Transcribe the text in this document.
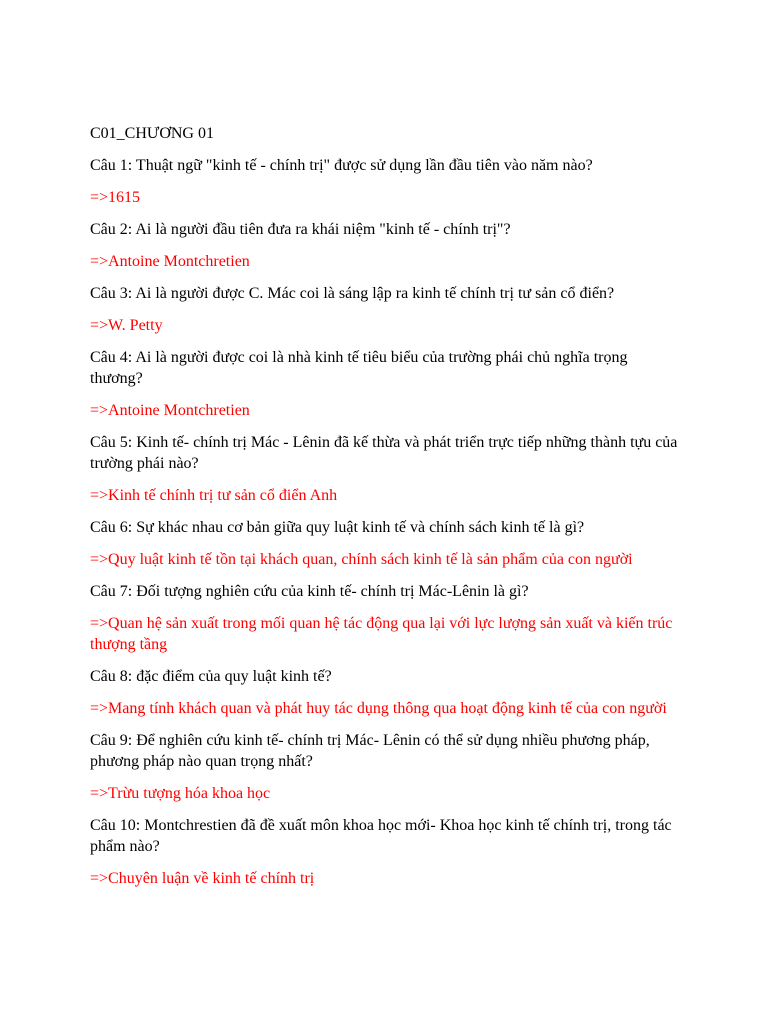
C01_CHƯƠNG 01
Câu 1: Thuật ngữ "kinh tế - chính trị" được sử dụng lần đầu tiên vào năm nào?
=>1615
Câu 2: Ai là người đầu tiên đưa ra khái niệm "kinh tế - chính trị"?
=>Antoine Montchretien
Câu 3: Ai là người được C. Mác coi là sáng lập ra kinh tế chính trị tư sản cổ điển?
=>W. Petty
Câu 4: Ai là người được coi là nhà kinh tế tiêu biểu của trường phái chủ nghĩa trọng thương?
=>Antoine Montchretien
Câu 5: Kinh tế- chính trị Mác - Lênin đã kế thừa và phát triển trực tiếp những thành tựu của trường phái nào?
=>Kinh tế chính trị tư sản cổ điển Anh
Câu 6: Sự khác nhau cơ bản giữa quy luật kinh tế và chính sách kinh tế là gì?
=>Quy luật kinh tế tồn tại khách quan, chính sách kinh tế là sản phẩm của con người
Câu 7: Đối tượng nghiên cứu của kinh tế- chính trị Mác-Lênin là gì?
=>Quan hệ sản xuất trong mối quan hệ tác động qua lại với lực lượng sản xuất và kiến trúc thượng tầng
Câu 8: đặc điểm của quy luật kinh tế?
=>Mang tính khách quan và phát huy tác dụng thông qua hoạt động kinh tế của con người
Câu 9: Để nghiên cứu kinh tế- chính trị Mác- Lênin có thể sử dụng nhiều phương pháp, phương pháp nào quan trọng nhất?
=>Trừu tượng hóa khoa học
Câu 10: Montchrestien đã đề xuất môn khoa học mới- Khoa học kinh tế chính trị, trong tác phẩm nào?
=>Chuyên luận về kinh tế chính trị
